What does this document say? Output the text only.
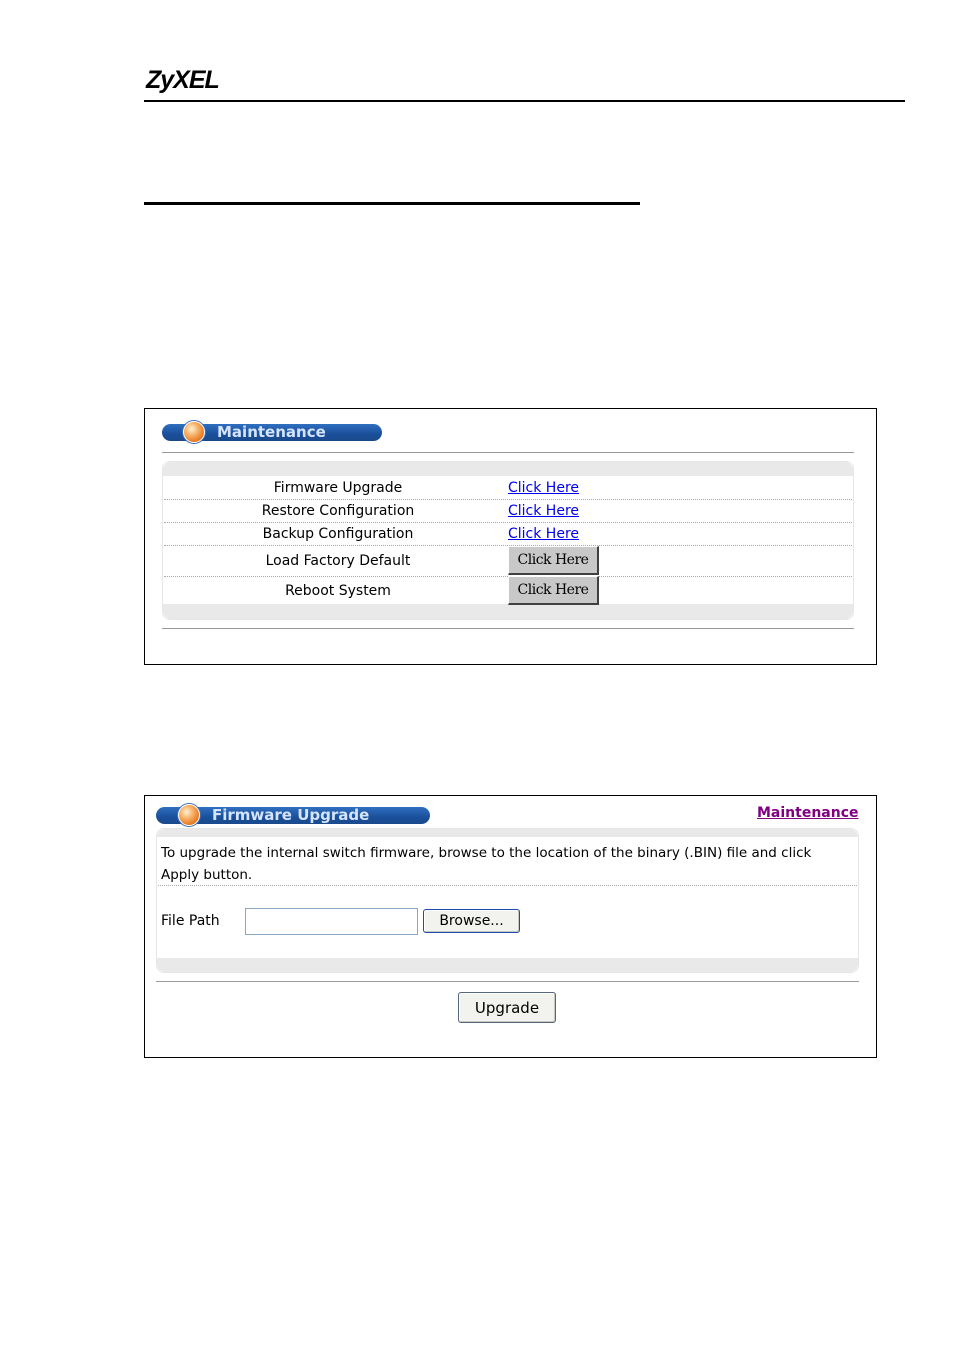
ZyXEL
Maintenance
Firmware Upgrade	Click Here
Restore Configuration	Click Here
Backup Configuration	Click Here
Load Factory Default	Click Here
Reboot System	Click Here
Firmware Upgrade	Maintenance
To upgrade the internal switch firmware, browse to the location of the binary (.BIN) file and click Apply button.
File Path	Browse...
Upgrade
